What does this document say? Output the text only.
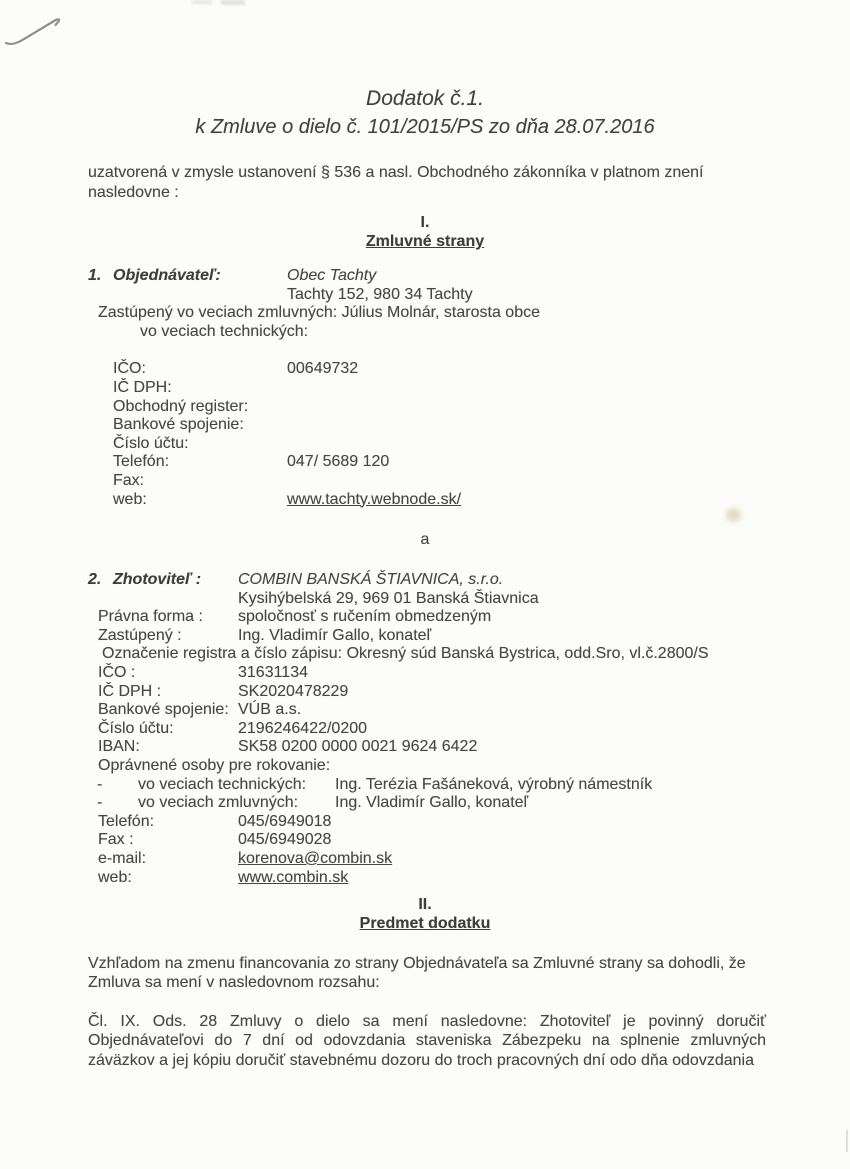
Dodatok č.1.
k Zmluve o dielo č. 101/2015/PS zo dňa 28.07.2016
uzatvorená v zmysle ustanovení § 536 a nasl. Obchodného zákonníka v platnom znení
nasledovne :
I.
Zmluvné strany
1. Objednávateľ:	Obec Tachty
Tachty 152, 980 34 Tachty
Zastúpený vo veciach zmluvných: Július Molnár, starosta obce
vo veciach technických:
IČO:	00649732
IČ DPH:
Obchodný register:
Bankové spojenie:
Číslo účtu:
Telefón:	047/ 5689 120
Fax:
web:	www.tachty.webnode.sk/
a
2. Zhotoviteľ :	COMBIN BANSKÁ ŠTIAVNICA, s.r.o.
Kysihýbelská 29, 969 01 Banská Štiavnica
Právna forma :	spoločnosť s ručením obmedzeným
Zastúpený :	Ing. Vladimír Gallo, konateľ
Označenie registra a číslo zápisu: Okresný súd Banská Bystrica, odd.Sro, vl.č.2800/S
IČO :	31631134
IČ DPH :	SK2020478229
Bankové spojenie: VÚB a.s.
Číslo účtu:	2196246422/0200
IBAN:	SK58 0200 0000 0021 9624 6422
Oprávnené osoby pre rokovanie:
-	vo veciach technických:	Ing. Terézia Fašáneková, výrobný námestník
-	vo veciach zmluvných:	Ing. Vladimír Gallo, konateľ
Telefón:	045/6949018
Fax :	045/6949028
e-mail:	korenova@combin.sk
web:	www.combin.sk
II.
Predmet dodatku
Vzhľadom na zmenu financovania zo strany Objednávateľa sa Zmluvné strany sa dohodli, že
Zmluva sa mení v nasledovnom rozsahu:
Čl. IX. Ods. 28 Zmluvy o dielo sa mení nasledovne: Zhotoviteľ je povinný doručiť
Objednávateľovi do 7 dní od odovzdania staveniska Zábezpeku na splnenie zmluvných
záväzkov a jej kópiu doručiť stavebnému dozoru do troch pracovných dní odo dňa odovzdania
